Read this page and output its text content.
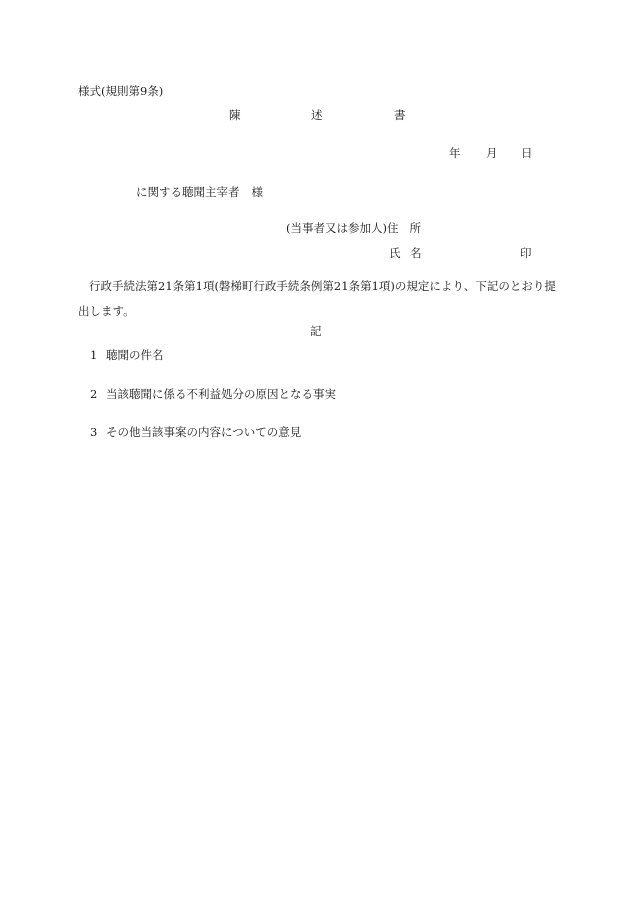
様式(規則第9条)
陳	述	書
年 月 日
に関する聴聞主宰者 様
(当事者又は参加人)住 所
氏 名	印
行政手続法第21条第1項(磐梯町行政手続条例第21条第1項)の規定により、下記のとおり提出します。
記
1 聴聞の件名
2 当該聴聞に係る不利益処分の原因となる事実
3 その他当該事案の内容についての意見
